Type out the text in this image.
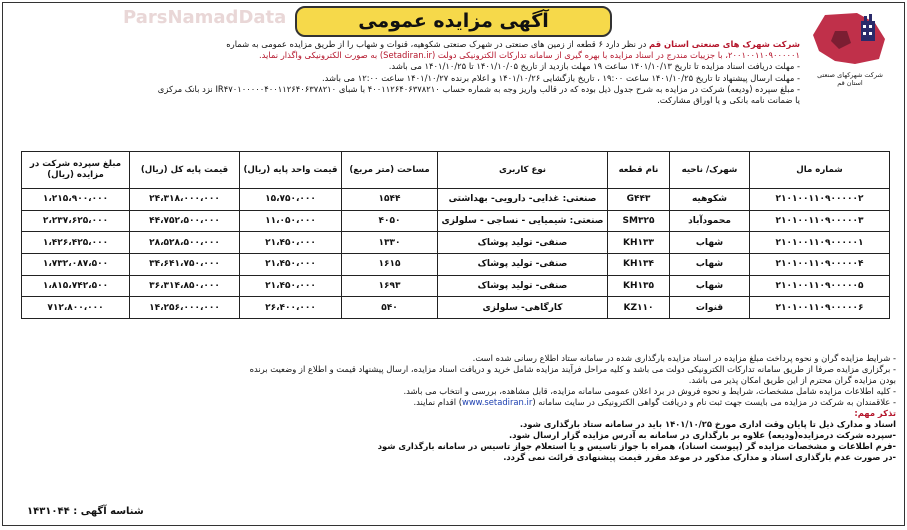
ParsNamadData	آگهی مزایده عمومی
شرکت شهرکهای صنعتی
استان قم
شرکت شهرک های صنعتی استان قم در نظر دارد ۶ قطعه از زمین های صنعتی در شهرک صنعتی شکوهیه، قنوات و شهاب را از طریق مزایده عمومی به شماره
۲۰۰۱۰۰۱۱۰۹۰۰۰۰۰۱، با جزییات مندرج در اسناد مزایده با بهره گیری از سامانه تدارکات الکترونیکی دولت (Setadiran.ir) به صورت الکترونیکی واگذار نماید.
- مهلت دریافت اسناد مزایده تا تاریخ ۱۴۰۱/۱۰/۱۳ ساعت ۱۹ مهلت بازدید از تاریخ ۱۴۰۱/۱۰/۰۵ تا ۱۴۰۱/۱۰/۲۵ می باشد.
- مهلت ارسال پیشنهاد تا تاریخ ۱۴۰۱/۱۰/۲۵ ساعت ۱۹:۰۰ ، تاریخ بازگشایی ۱۴۰۱/۱۰/۲۶ و اعلام برنده ۱۴۰۱/۱۰/۲۷ ساعت ۱۲:۰۰ می باشد.
- مبلغ سپرده (ودیعه) شرکت در مزایده به شرح جدول ذیل بوده که در قالب واریز وجه به شماره حساب ۴۰۰۱۱۲۶۴۰۶۳۷۸۲۱۰ با شبای IR۴۷۰۱۰۰۰۰۰۴۰۰۱۱۲۶۴۰۶۳۷۸۲۱۰ نزد بانک مرکزی
یا ضمانت نامه بانکی و یا اوراق مشارکت.
شماره مال	شهرک/ ناحیه	نام قطعه	نوع کاربری	مساحت (متر مربع)	قیمت واحد پایه (ریال)	قیمت پایه کل (ریال)	مبلغ سپرده شرکت در مزایده (ریال)
۲۱۰۱۰۰۱۱۰۹۰۰۰۰۰۲	شکوهیه	G۴۴۳	صنعتی: غذایی- دارویی- بهداشتی	۱۵۴۴	۱۵،۷۵۰،۰۰۰	۲۴،۳۱۸،۰۰۰،۰۰۰	۱،۲۱۵،۹۰۰،۰۰۰
۲۱۰۱۰۰۱۱۰۹۰۰۰۰۰۳	محمودآباد	SM۳۲۵	صنعتی: شیمیایی - نساجی - سلولزی	۴۰۵۰	۱۱،۰۵۰،۰۰۰	۴۴،۷۵۲،۵۰۰،۰۰۰	۲،۲۳۷،۶۲۵،۰۰۰
۲۱۰۱۰۰۱۱۰۹۰۰۰۰۰۱	شهاب	KH۱۳۳	صنفی- تولید پوشاک	۱۳۳۰	۲۱،۴۵۰،۰۰۰	۲۸،۵۲۸،۵۰۰،۰۰۰	۱،۴۲۶،۴۲۵،۰۰۰
۲۱۰۱۰۰۱۱۰۹۰۰۰۰۰۴	شهاب	KH۱۳۴	صنفی- تولید پوشاک	۱۶۱۵	۲۱،۴۵۰،۰۰۰	۳۴،۶۴۱،۷۵۰،۰۰۰	۱،۷۳۲،۰۸۷،۵۰۰
۲۱۰۱۰۰۱۱۰۹۰۰۰۰۰۵	شهاب	KH۱۳۵	صنفی- تولید پوشاک	۱۶۹۳	۲۱،۴۵۰،۰۰۰	۳۶،۳۱۴،۸۵۰،۰۰۰	۱،۸۱۵،۷۴۲،۵۰۰
۲۱۰۱۰۰۱۱۰۹۰۰۰۰۰۶	قنوات	KZ۱۱۰	کارگاهی- سلولزی	۵۴۰	۲۶،۴۰۰،۰۰۰	۱۴،۲۵۶،۰۰۰،۰۰۰	۷۱۲،۸۰۰،۰۰۰
- شرایط مزایده گران و نحوه پرداخت مبلغ مزایده در اسناد مزایده بارگذاری شده در سامانه ستاد اطلاع رسانی شده است.
- برگزاری مزایده صرفا از طریق سامانه تدارکات الکترونیکی دولت می باشد و کلیه مراحل فرآیند مزایده شامل خرید و دریافت اسناد مزایده، ارسال پیشنهاد قیمت و اطلاع از وضعیت برنده
بودن مزایده گران محترم از این طریق امکان پذیر می باشد.
- کلیه اطلاعات مزایده شامل مشخصات، شرایط و نحوه فروش در برد اعلان عمومی سامانه مزایده، قابل مشاهده، بررسی و انتخاب می باشد.
- علاقمندان به شرکت در مزایده می بایست جهت ثبت نام و دریافت گواهی الکترونیکی در سایت سامانه (www.setadiran.ir) اقدام نمایند.
تذکر مهم:
اسناد و مدارک ذیل تا پایان وقت اداری مورخ ۱۴۰۱/۱۰/۲۵ باید در سامانه ستاد بارگذاری شود.
-سپرده شرکت درمزایده(ودیعه) علاوه بر بارگذاری در سامانه به آدرس مزایده گزار ارسال شود.
-فرم اطلاعات و مشخصات مزایده گر (پیوست اسناد)، همراه با جواز تاسیس و یا استعلام جواز تاسیس در سامانه بارگذاری شود
-در صورت عدم بارگذاری اسناد و مدارک مذکور در موعد مقرر قیمت پیشنهادی قرائت نمی گردد.
شناسه آگهی : ۱۴۳۱۰۴۴
